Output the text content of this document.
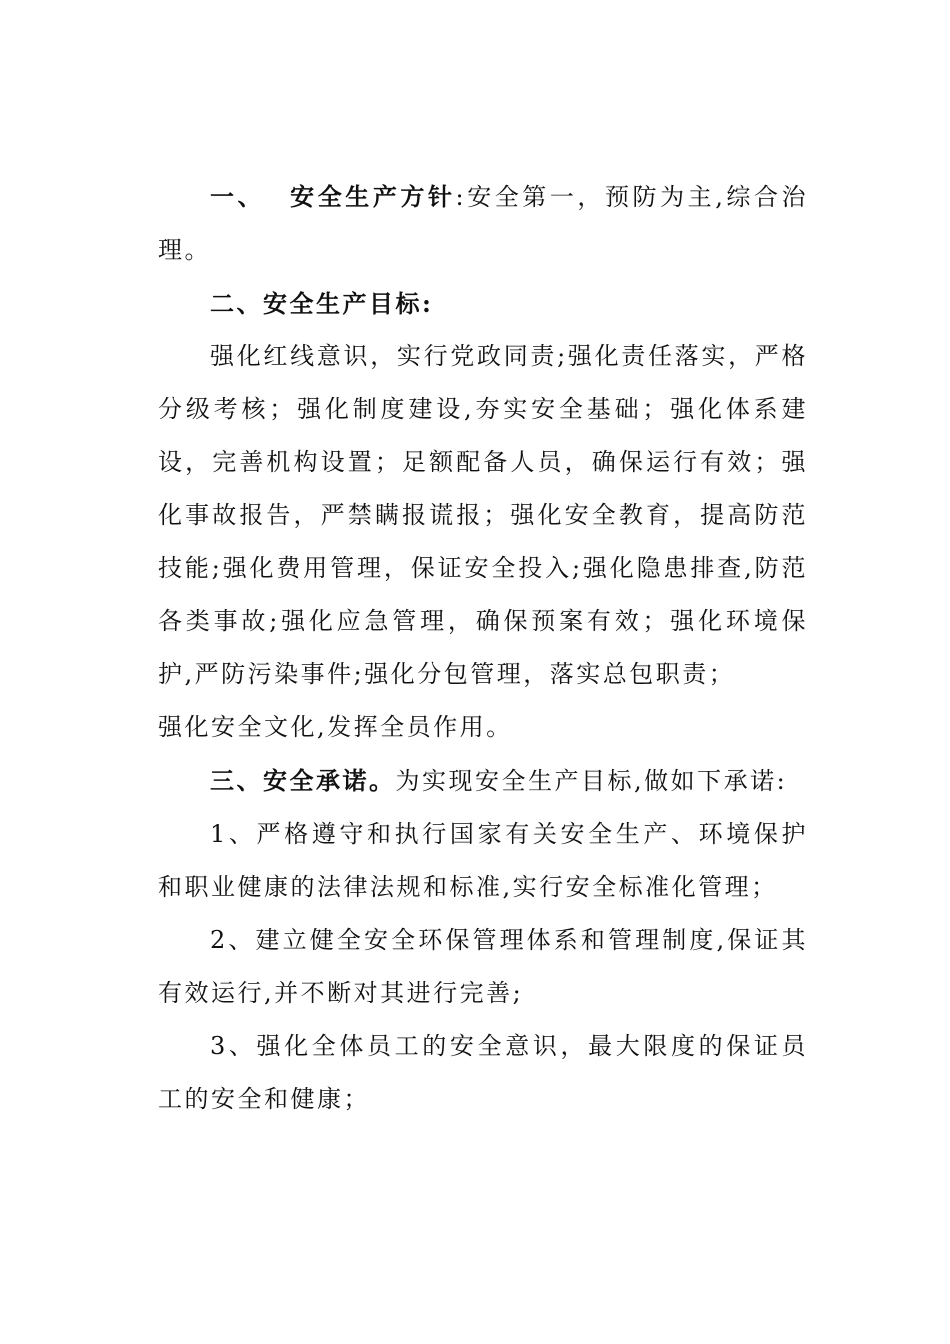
一、 安全生产方针:安全第一，预防为主,综合治理。

二、安全生产目标:

强化红线意识，实行党政同责;强化责任落实，严格分级考核；强化制度建设,夯实安全基础；强化体系建设，完善机构设置；足额配备人员，确保运行有效；强化事故报告，严禁瞒报谎报；强化安全教育，提高防范技能;强化费用管理，保证安全投入;强化隐患排查,防范各类事故;强化应急管理，确保预案有效；强化环境保护,严防污染事件;强化分包管理，落实总包职责；

强化安全文化,发挥全员作用。

三、安全承诺。为实现安全生产目标,做如下承诺:

1、严格遵守和执行国家有关安全生产、环境保护和职业健康的法律法规和标准,实行安全标准化管理；

2、建立健全安全环保管理体系和管理制度,保证其有效运行,并不断对其进行完善;

3、强化全体员工的安全意识，最大限度的保证员工的安全和健康；
